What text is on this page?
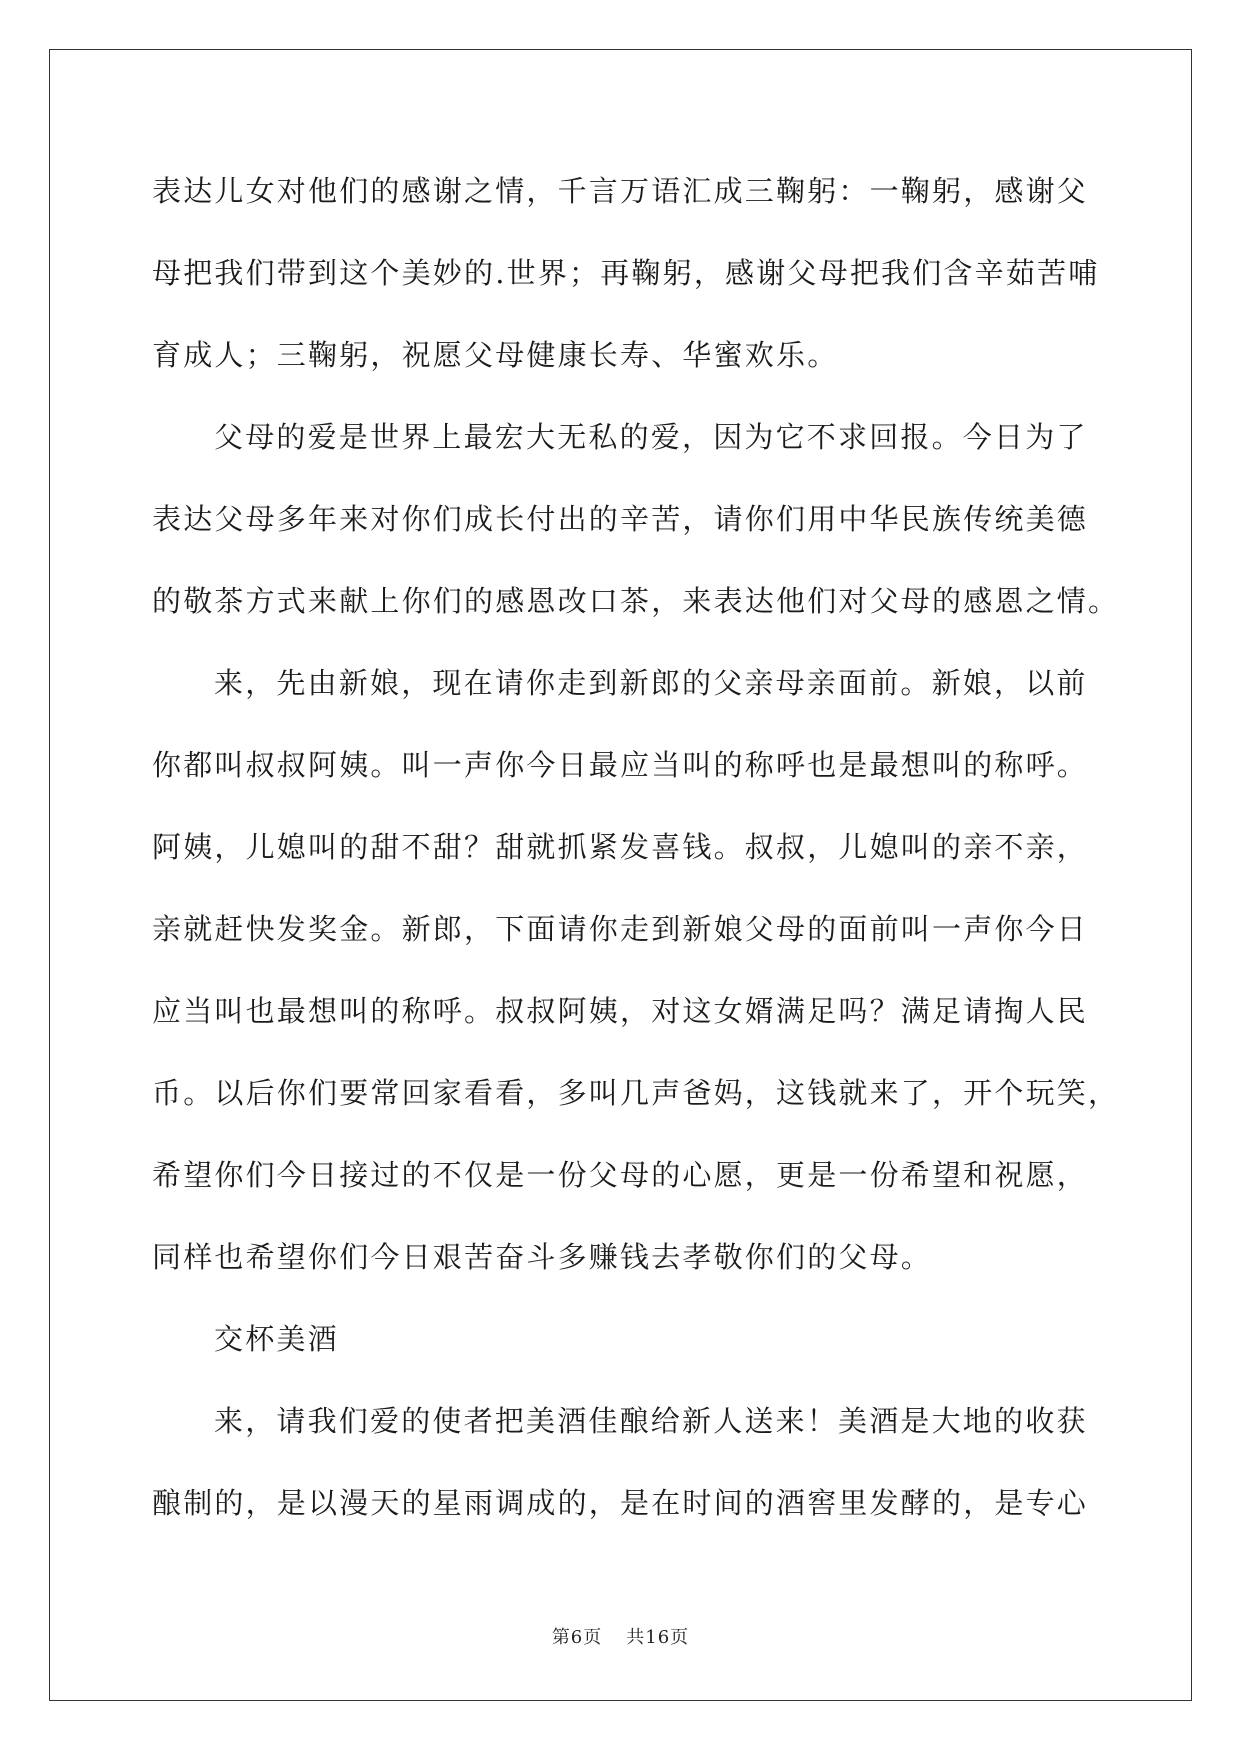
表达儿女对他们的感谢之情，千言万语汇成三鞠躬：一鞠躬，感谢父
母把我们带到这个美妙的.世界；再鞠躬，感谢父母把我们含辛茹苦哺
育成人；三鞠躬，祝愿父母健康长寿、华蜜欢乐。
父母的爱是世界上最宏大无私的爱，因为它不求回报。今日为了
表达父母多年来对你们成长付出的辛苦，请你们用中华民族传统美德
的敬茶方式来献上你们的感恩改口茶，来表达他们对父母的感恩之情。
来，先由新娘，现在请你走到新郎的父亲母亲面前。新娘，以前
你都叫叔叔阿姨。叫一声你今日最应当叫的称呼也是最想叫的称呼。
阿姨，儿媳叫的甜不甜？甜就抓紧发喜钱。叔叔，儿媳叫的亲不亲，
亲就赶快发奖金。新郎，下面请你走到新娘父母的面前叫一声你今日
应当叫也最想叫的称呼。叔叔阿姨，对这女婿满足吗？满足请掏人民
币。以后你们要常回家看看，多叫几声爸妈，这钱就来了，开个玩笑，
希望你们今日接过的不仅是一份父母的心愿，更是一份希望和祝愿，
同样也希望你们今日艰苦奋斗多赚钱去孝敬你们的父母。
交杯美酒
来，请我们爱的使者把美酒佳酿给新人送来！美酒是大地的收获
酿制的，是以漫天的星雨调成的，是在时间的酒窖里发酵的，是专心
第6页 共16页
